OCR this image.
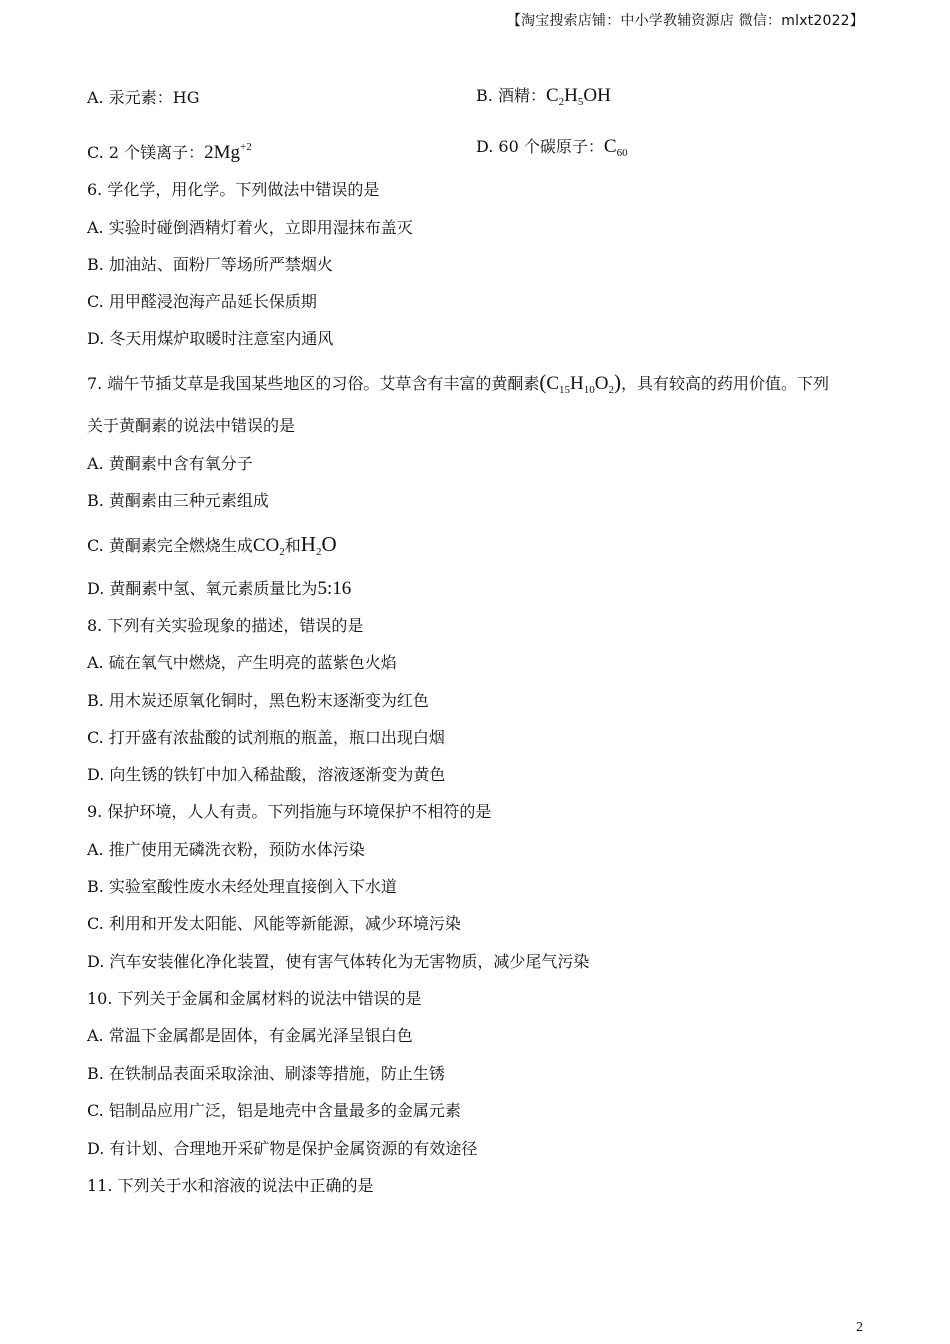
【淘宝搜索店铺：中小学教辅资源店 微信：mlxt2022】
A. 汞元素：HG	B. 酒精：$C_2H_5OH$
C. 2 个镁离子：$2Mg^{+2}$	D. 60 个碳原子：$C_{60}$
6. 学化学，用化学。下列做法中错误的是
A. 实验时碰倒酒精灯着火，立即用湿抹布盖灭
B. 加油站、面粉厂等场所严禁烟火
C. 用甲醛浸泡海产品延长保质期
D. 冬天用煤炉取暖时注意室内通风
7. 端午节插艾草是我国某些地区的习俗。艾草含有丰富的黄酮素$(C_{15}H_{10}O_2)$，具有较高的药用价值。下列
关于黄酮素的说法中错误的是
A. 黄酮素中含有氧分子
B. 黄酮素由三种元素组成
C. 黄酮素完全燃烧生成$CO_2$和$H_2O$
D. 黄酮素中氢、氧元素质量比为5:16
8. 下列有关实验现象的描述，错误的是
A. 硫在氧气中燃烧，产生明亮的蓝紫色火焰
B. 用木炭还原氧化铜时，黑色粉末逐渐变为红色
C. 打开盛有浓盐酸的试剂瓶的瓶盖，瓶口出现白烟
D. 向生锈的铁钉中加入稀盐酸，溶液逐渐变为黄色
9. 保护环境，人人有责。下列指施与环境保护不相符的是
A. 推广使用无磷洗衣粉，预防水体污染
B. 实验室酸性废水未经处理直接倒入下水道
C. 利用和开发太阳能、风能等新能源，减少环境污染
D. 汽车安装催化净化装置，使有害气体转化为无害物质，减少尾气污染
10. 下列关于金属和金属材料的说法中错误的是
A. 常温下金属都是固体，有金属光泽呈银白色
B. 在铁制品表面采取涂油、刷漆等措施，防止生锈
C. 铝制品应用广泛，铝是地壳中含量最多的金属元素
D. 有计划、合理地开采矿物是保护金属资源的有效途径
11. 下列关于水和溶液的说法中正确的是
2
